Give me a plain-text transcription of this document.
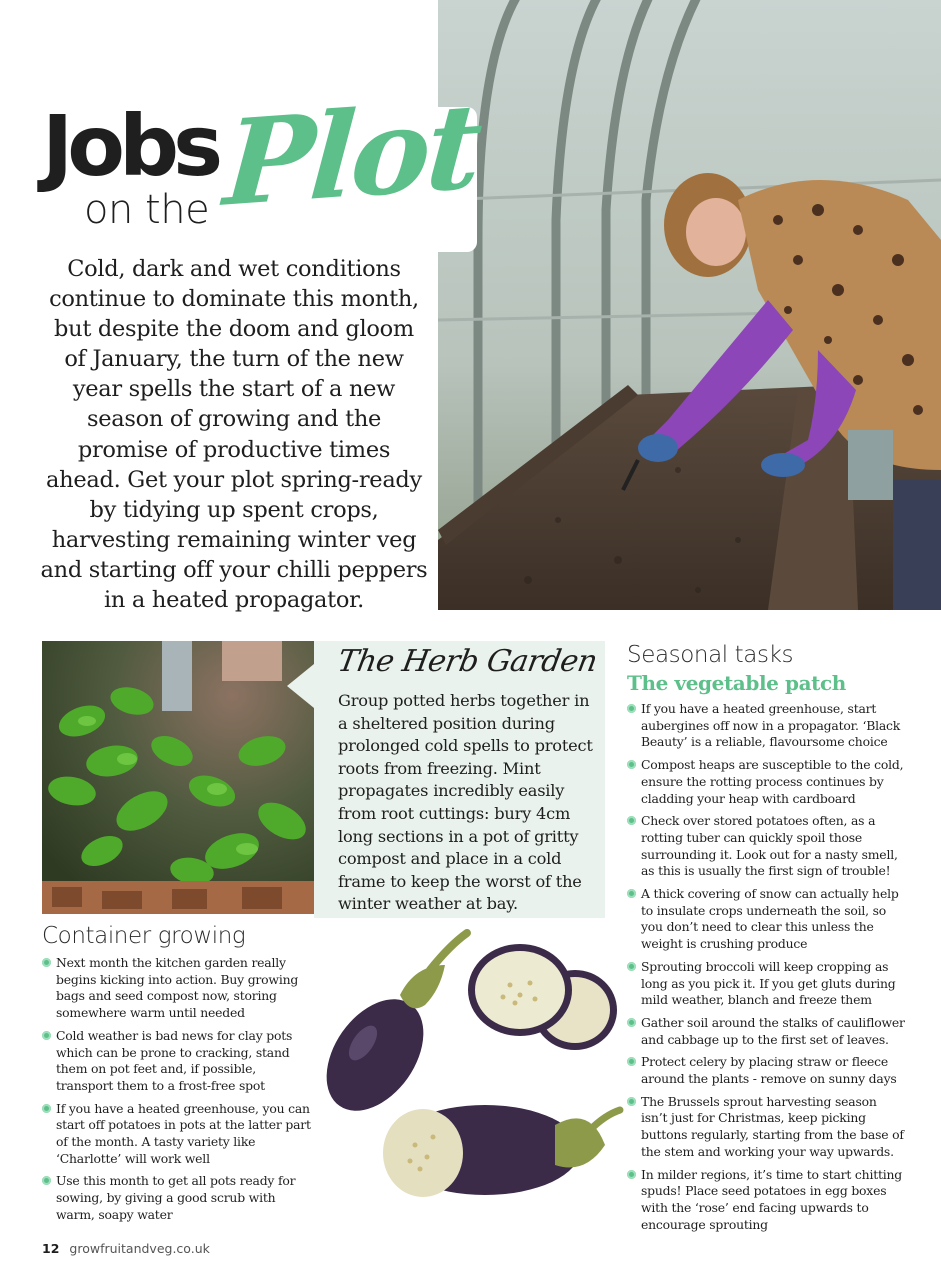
Jobs
on the Plot
Cold, dark and wet conditions continue to dominate this month, but despite the doom and gloom of January, the turn of the new year spells the start of a new season of growing and the promise of productive times ahead. Get your plot spring-ready by tidying up spent crops, harvesting remaining winter veg and starting off your chilli peppers in a heated propagator.
The Herb Garden
Group potted herbs together in a sheltered position during prolonged cold spells to protect roots from freezing. Mint propagates incredibly easily from root cuttings: bury 4cm long sections in a pot of gritty compost and place in a cold frame to keep the worst of the winter weather at bay.
Container growing
Next month the kitchen garden really begins kicking into action. Buy growing bags and seed compost now, storing somewhere warm until needed
Cold weather is bad news for clay pots which can be prone to cracking, stand them on pot feet and, if possible, transport them to a frost-free spot
If you have a heated greenhouse, you can start off potatoes in pots at the latter part of the month. A tasty variety like ‘Charlotte’ will work well
Use this month to get all pots ready for sowing, by giving a good scrub with warm, soapy water
Seasonal tasks
The vegetable patch
If you have a heated greenhouse, start aubergines off now in a propagator. ‘Black Beauty’ is a reliable, flavoursome choice
Compost heaps are susceptible to the cold, ensure the rotting process continues by cladding your heap with cardboard
Check over stored potatoes often, as a rotting tuber can quickly spoil those surrounding it. Look out for a nasty smell, as this is usually the first sign of trouble!
A thick covering of snow can actually help to insulate crops underneath the soil, so you don’t need to clear this unless the weight is crushing produce
Sprouting broccoli will keep cropping as long as you pick it. If you get gluts during mild weather, blanch and freeze them
Gather soil around the stalks of cauliflower and cabbage up to the first set of leaves.
Protect celery by placing straw or fleece around the plants - remove on sunny days
The Brussels sprout harvesting season isn’t just for Christmas, keep picking buttons regularly, starting from the base of the stem and working your way upwards.
In milder regions, it’s time to start chitting spuds! Place seed potatoes in egg boxes with the ‘rose’ end facing upwards to encourage sprouting
12 growfruitandveg.co.uk
